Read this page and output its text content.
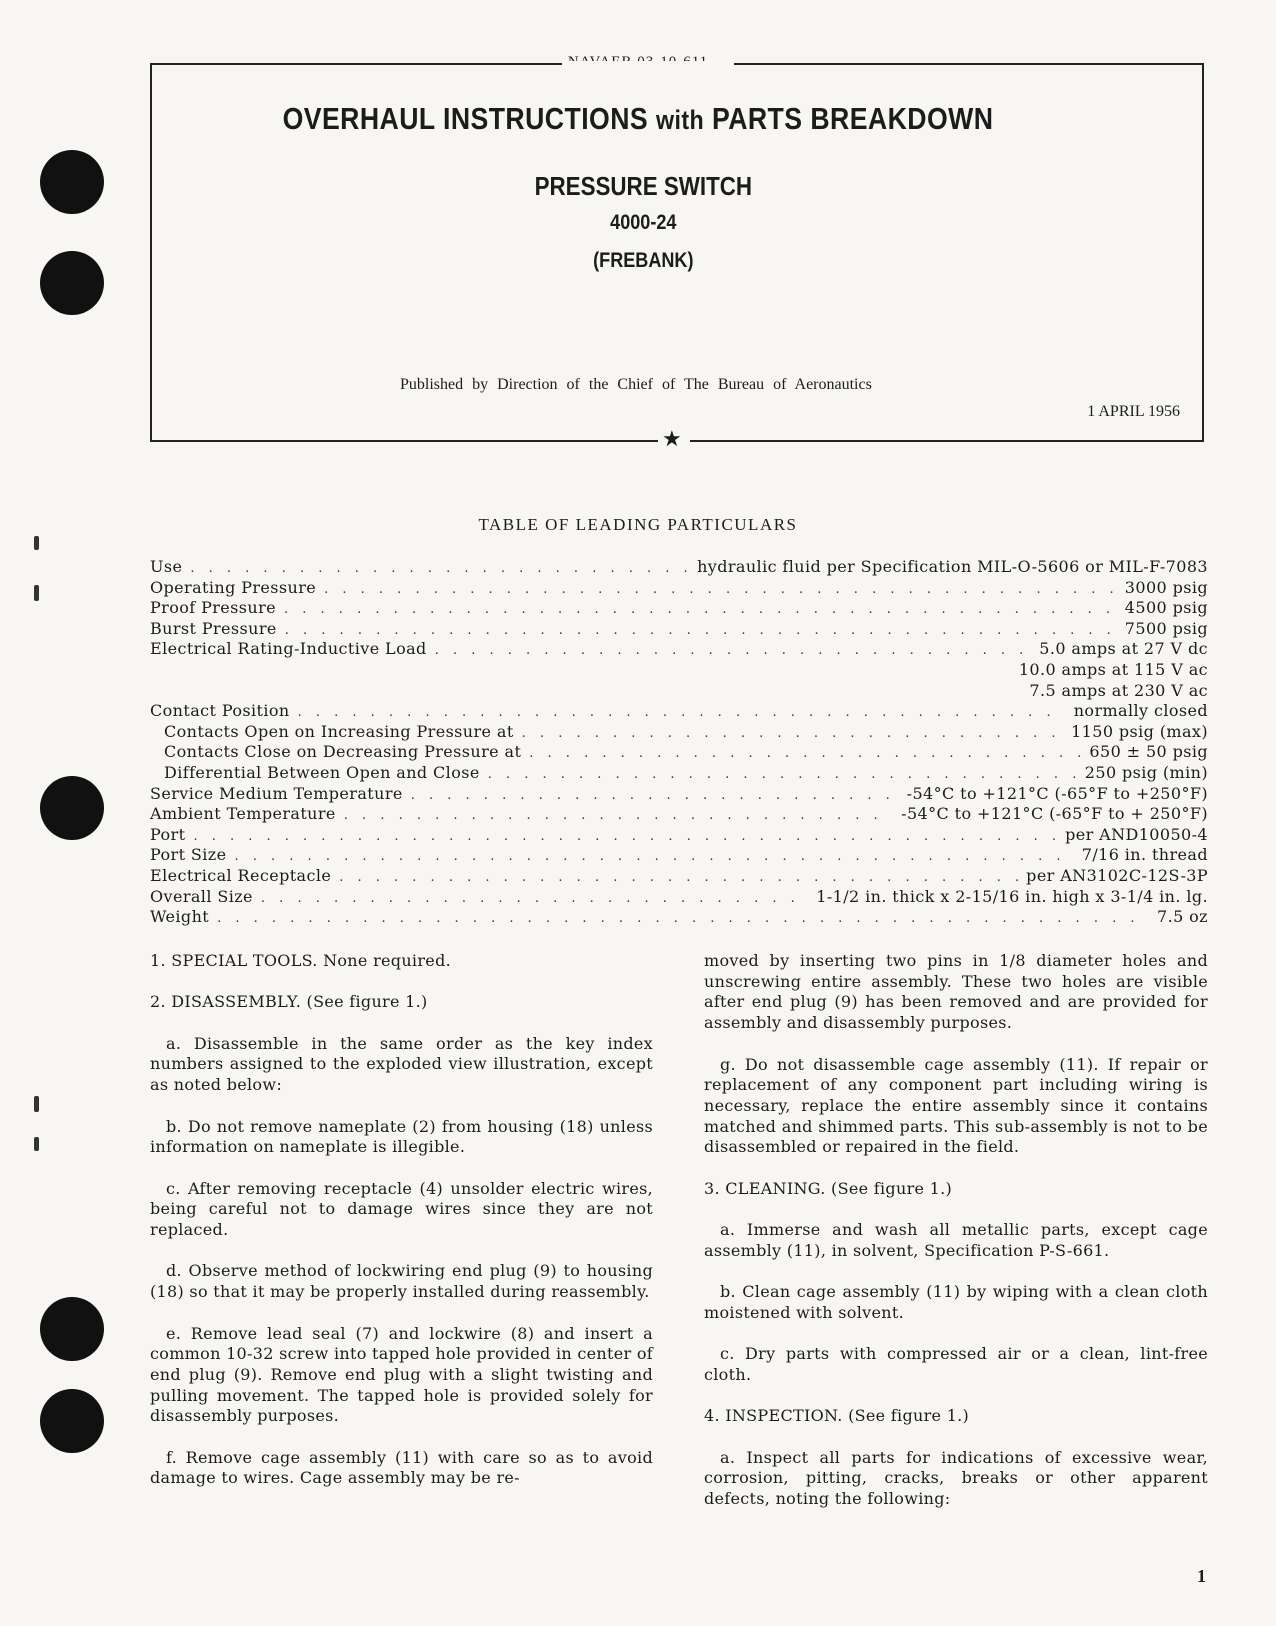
★
OVERHAUL INSTRUCTIONS with PARTS BREAKDOWN
PRESSURE SWITCH
4000-24
(FREBANK)
Published by Direction of the Chief of The Bureau of Aeronautics
1 APRIL 1956
TABLE OF LEADING PARTICULARS
Use . . .	hydraulic fluid per Specification MIL-O-5606 or MIL-F-7083
Operating Pressure . . .	3000 psig
Proof Pressure . . .	4500 psig
Burst Pressure . . .	7500 psig
Electrical Rating-Inductive Load . . .	5.0 amps at 27 V dc
10.0 amps at 115 V ac
7.5 amps at 230 V ac
Contact Position . . .	normally closed
Contacts Open on Increasing Pressure at . . .	1150 psig (max)
Contacts Close on Decreasing Pressure at . . .	650 ± 50 psig
Differential Between Open and Close . . .	250 psig (min)
Service Medium Temperature . . .	-54°C to +121°C (-65°F to +250°F)
Ambient Temperature . . .	-54°C to +121°C (-65°F to + 250°F)
Port . . .	per AND10050-4
Port Size . . .	7/16 in. thread
Electrical Receptacle . . .	per AN3102C-12S-3P
Overall Size . . .	1-1/2 in. thick x 2-15/16 in. high x 3-1/4 in. lg.
Weight . . .	7.5 oz

1. SPECIAL TOOLS. None required.

2. DISASSEMBLY. (See figure 1.)

a. Disassemble in the same order as the key index numbers assigned to the exploded view illustration, except as noted below:

b. Do not remove nameplate (2) from housing (18) unless information on nameplate is illegible.

c. After removing receptacle (4) unsolder electric wires, being careful not to damage wires since they are not replaced.

d. Observe method of lockwiring end plug (9) to housing (18) so that it may be properly installed during reassembly.

e. Remove lead seal (7) and lockwire (8) and insert a common 10-32 screw into tapped hole provided in center of end plug (9). Remove end plug with a slight twisting and pulling movement. The tapped hole is provided solely for disassembly purposes.

f. Remove cage assembly (11) with care so as to avoid damage to wires. Cage assembly may be re-

moved by inserting two pins in 1/8 diameter holes and unscrewing entire assembly. These two holes are visible after end plug (9) has been removed and are provided for assembly and disassembly purposes.

g. Do not disassemble cage assembly (11). If repair or replacement of any component part including wiring is necessary, replace the entire assembly since it contains matched and shimmed parts. This sub-assembly is not to be disassembled or repaired in the field.

3. CLEANING. (See figure 1.)

a. Immerse and wash all metallic parts, except cage assembly (11), in solvent, Specification P-S-661.

b. Clean cage assembly (11) by wiping with a clean cloth moistened with solvent.

c. Dry parts with compressed air or a clean, lint-free cloth.

4. INSPECTION. (See figure 1.)

a. Inspect all parts for indications of excessive wear, corrosion, pitting, cracks, breaks or other apparent defects, noting the following:

1
